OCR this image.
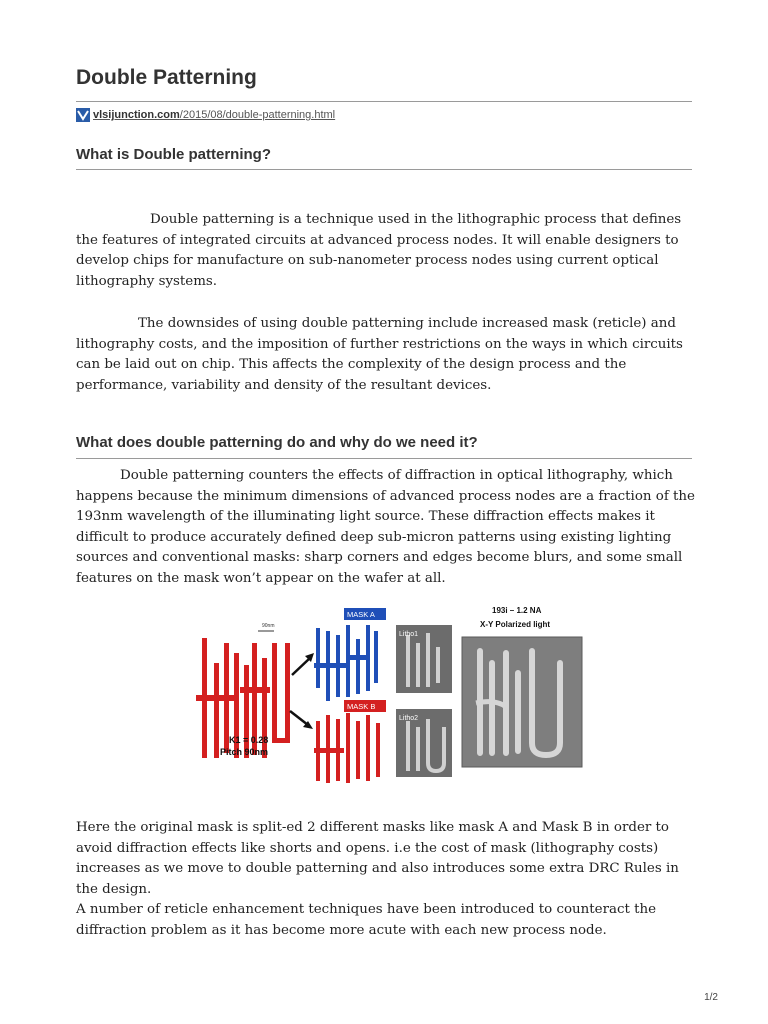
Double Patterning
vlsijunction.com/2015/08/double-patterning.html
What is Double patterning?

Double patterning is a technique used in the lithographic process that defines the features of integrated circuits at advanced process nodes. It will enable designers to develop chips for manufacture on sub-nanometer process nodes using current optical lithography systems.

The downsides of using double patterning include increased mask (reticle) and lithography costs, and the imposition of further restrictions on the ways in which circuits can be laid out on chip. This affects the complexity of the design process and the performance, variability and density of the resultant devices.

What does double patterning do and why do we need it?

Double patterning counters the effects of diffraction in optical lithography, which happens because the minimum dimensions of advanced process nodes are a fraction of the 193nm wavelength of the illuminating light source. These diffraction effects makes it difficult to produce accurately defined deep sub-micron patterns using existing lighting sources and conventional masks: sharp corners and edges become blurs, and some small features on the mask won’t appear on the wafer at all.

90nm
K1 = 0.28
Pitch 90nm
MASK A
MASK B
Litho1
Litho2
193i – 1.2 NA
X-Y Polarized light

Here the original mask is split-ed 2 different masks like mask A and Mask B in order to avoid diffraction effects like shorts and opens. i.e the cost of mask (lithography costs) increases as we move to double patterning and also introduces some extra DRC Rules in the design.

A number of reticle enhancement techniques have been introduced to counteract the diffraction problem as it has become more acute with each new process node.

1/2
